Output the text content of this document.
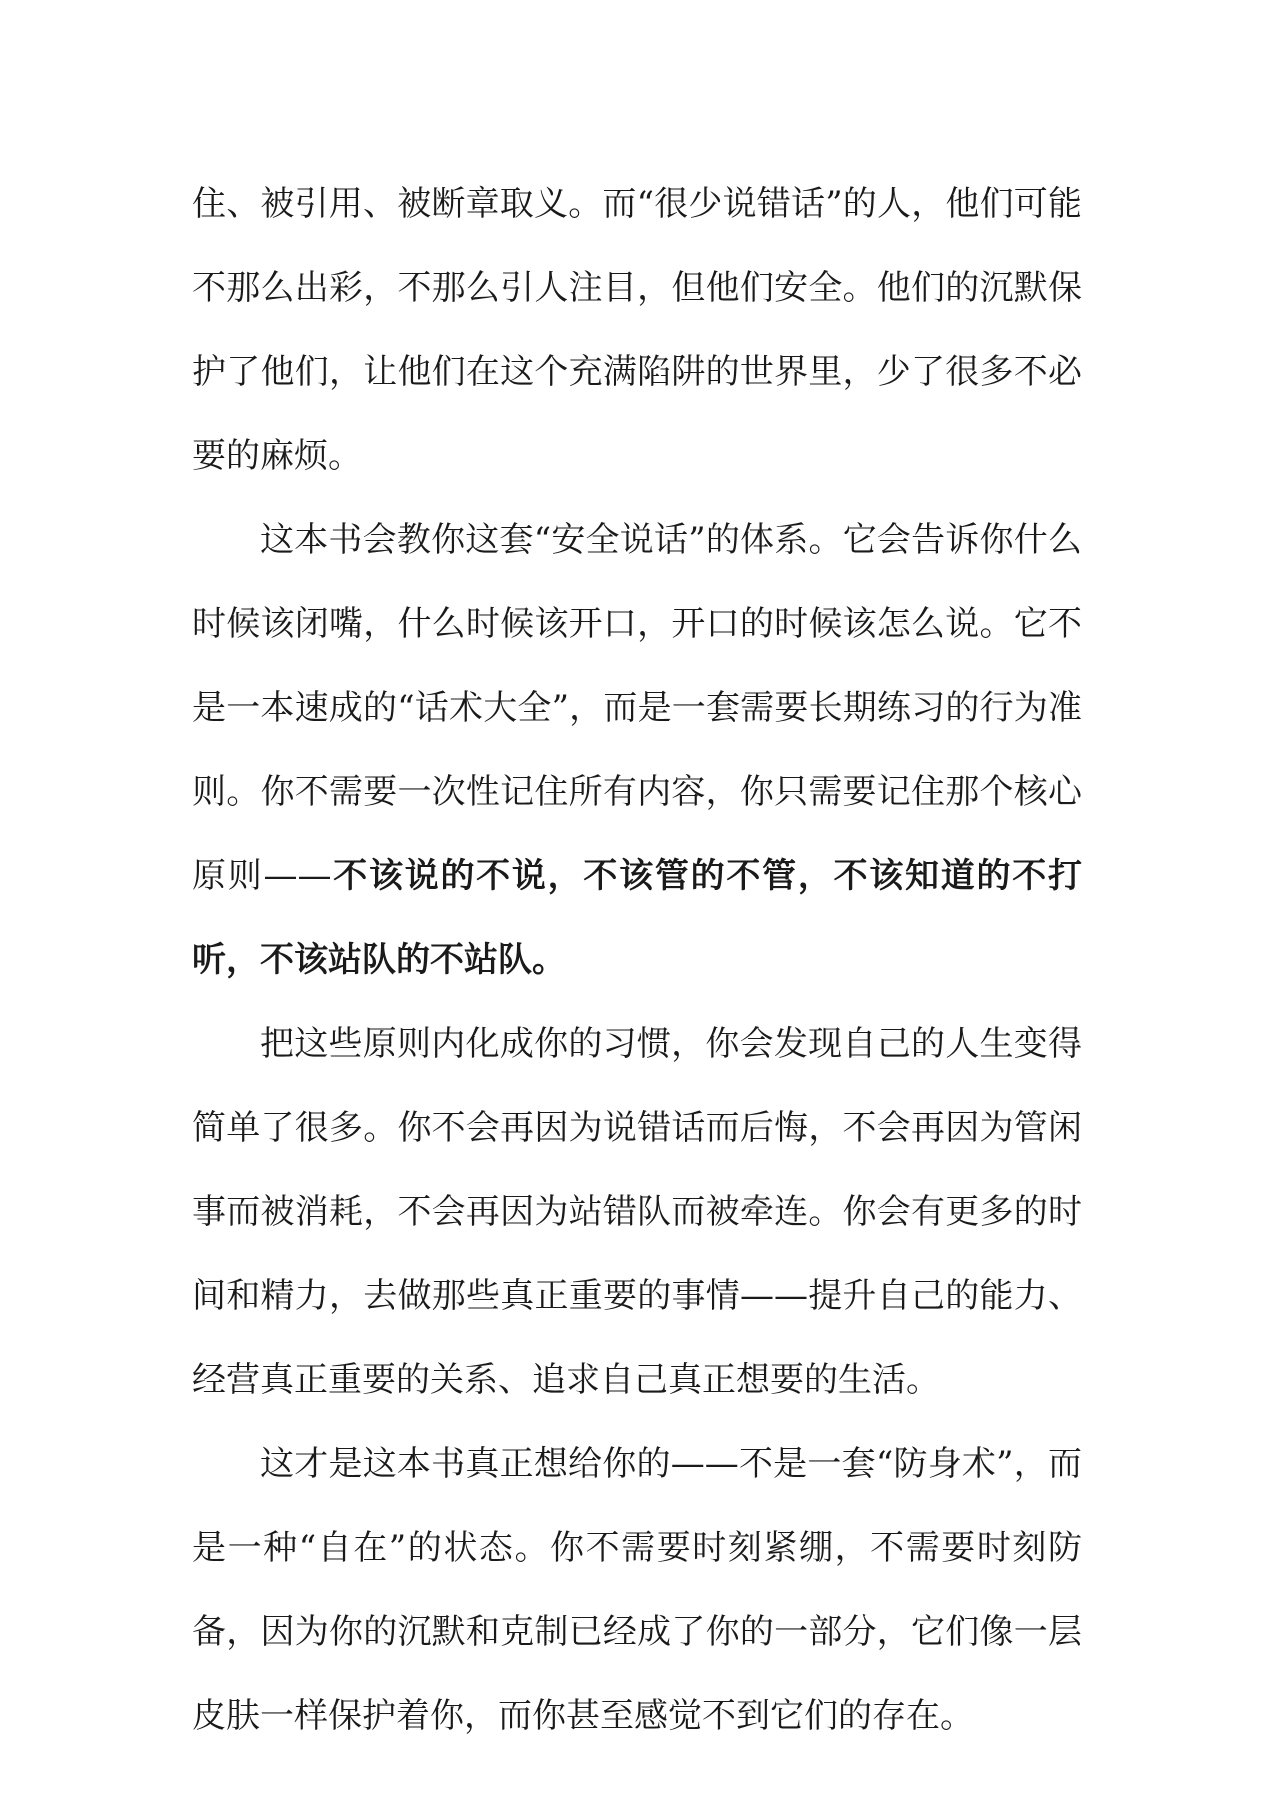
住、被引用、被断章取义。而“很少说错话”的人，他们可能不那么出彩，不那么引人注目，但他们安全。他们的沉默保护了他们，让他们在这个充满陷阱的世界里，少了很多不必要的麻烦。

这本书会教你这套“安全说话”的体系。它会告诉你什么时候该闭嘴，什么时候该开口，开口的时候该怎么说。它不是一本速成的“话术大全”，而是一套需要长期练习的行为准则。你不需要一次性记住所有内容，你只需要记住那个核心原则——不该说的不说，不该管的不管，不该知道的不打听，不该站队的不站队。

把这些原则内化成你的习惯，你会发现自己的人生变得简单了很多。你不会再因为说错话而后悔，不会再因为管闲事而被消耗，不会再因为站错队而被牵连。你会有更多的时间和精力，去做那些真正重要的事情——提升自己的能力、经营真正重要的关系、追求自己真正想要的生活。

这才是这本书真正想给你的——不是一套“防身术”，而是一种“自在”的状态。你不需要时刻紧绷，不需要时刻防备，因为你的沉默和克制已经成了你的一部分，它们像一层皮肤一样保护着你，而你甚至感觉不到它们的存在。
